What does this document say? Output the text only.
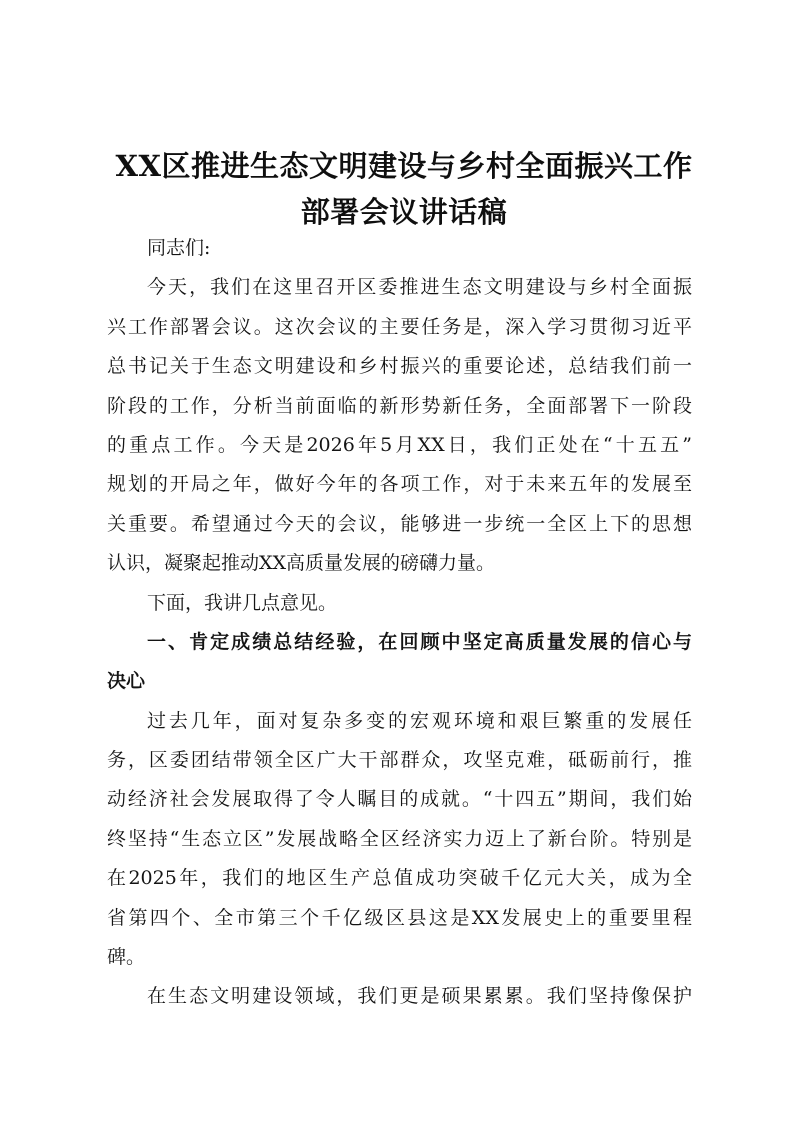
XX区推进生态文明建设与乡村全面振兴工作
部署会议讲话稿
同志们:
今天，我们在这里召开区委推进生态文明建设与乡村全面振
兴工作部署会议。这次会议的主要任务是，深入学习贯彻习近平
总书记关于生态文明建设和乡村振兴的重要论述，总结我们前一
阶段的工作，分析当前面临的新形势新任务，全面部署下一阶段
的重点工作。今天是2026年5月XX日，我们正处在“十五五”
规划的开局之年，做好今年的各项工作，对于未来五年的发展至
关重要。希望通过今天的会议，能够进一步统一全区上下的思想
认识，凝聚起推动XX高质量发展的磅礴力量。
下面，我讲几点意见。
一、肯定成绩总结经验，在回顾中坚定高质量发展的信心与
决心
过去几年，面对复杂多变的宏观环境和艰巨繁重的发展任
务，区委团结带领全区广大干部群众，攻坚克难，砥砺前行，推
动经济社会发展取得了令人瞩目的成就。“十四五”期间，我们始
终坚持“生态立区”发展战略全区经济实力迈上了新台阶。特别是
在2025年，我们的地区生产总值成功突破千亿元大关，成为全
省第四个、全市第三个千亿级区县这是XX发展史上的重要里程
碑。
在生态文明建设领域，我们更是硕果累累。我们坚持像保护
